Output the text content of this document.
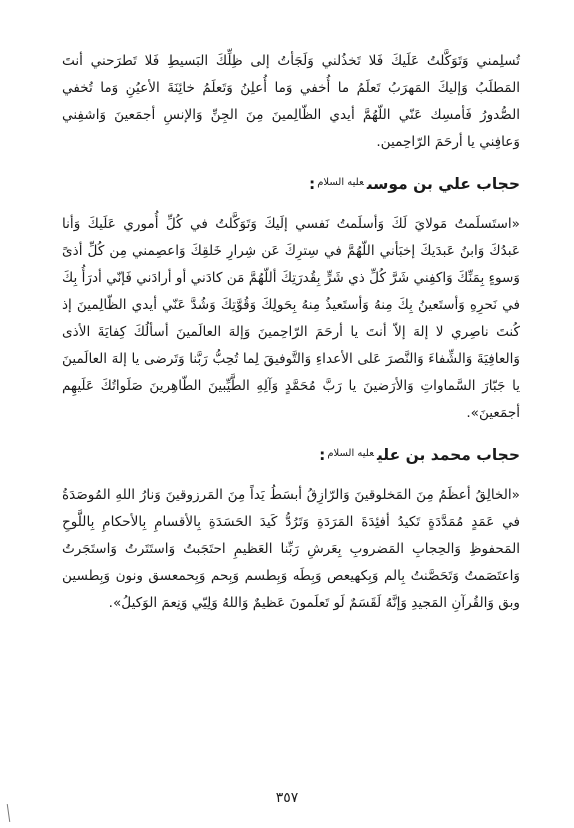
تُسلِمني وَتَوَكَّلتُ عَلَيكَ فَلا تَخذُلني وَلَجَأتُ إلى ظِلِّكَ البَسيطِ فَلا تَطرَحني أنتَ المَطلَبُ وَإليكَ المَهرَبُ تَعلَمُ ما أُخفي وَما أُعلِنُ وَتَعلَمُ خائِنَةَ الأعيُنِ وَما تُخفي الصُّدورُ فَأمسِك عَنّي اللّهُمَّ أيدي الظّالِمينَ مِنَ الجِنِّ وَالإنسِ أجمَعينَ وَاشفِني وَعافِني يا أرحَمَ الرّاحِمين.

حجاب علي بن موسى$^{عليه السلام}$:

«استَسلَمتُ مَولايَ لَكَ وَأسلَمتُ نَفسي إلَيكَ وَتَوَكَّلتُ في كُلِّ أُموري عَلَيكَ وَأنا عَبدُكَ وَابنُ عَبدَيكَ إخبَأني اللّهُمَّ في سِترِكَ عَن شِرارِ خَلقِكَ وَاعصِمني مِن كُلِّ أذىً وَسوءٍ بِمَنِّكَ وَاكفِني شَرَّ كُلِّ ذي شَرٍّ بِقُدرَتِكَ أللّهُمَّ مَن كادَني أو أرادَني فَإنّي أدرَأُ بِكَ في نَحرِهِ وَأستَعينُ بِكَ مِنهُ وَأستَعيذُ مِنهُ بِحَولِكَ وَقُوَّتِكَ وَشُدَّ عَنّي أيدي الظّالِمينَ إذ كُنتَ ناصِري لا إلهَ إلاّ أنتَ يا أرحَمَ الرّاحِمينَ وَإلهَ العالَمينَ أسألُكَ كِفايَةَ الأذى وَالعافِيَةَ وَالشِّفاءَ وَالنَّصرَ عَلى الأعداءِ وَالتَّوفيقَ لِما تُحِبُّ رَبَّنا وَتَرضى يا إلهَ العالَمينَ يا جَبّارَ السَّماواتِ وَالأرَضينَ يا رَبَّ مُحَمَّدٍ وَآلِهِ الطَّيِّبينَ الطّاهِرينَ صَلَواتُكَ عَلَيهِم أجمَعينَ».

حجاب محمد بن علي$^{عليه السلام}$:

«الخالِقُ أعظَمُ مِنَ المَخلوقينَ وَالرّازِقُ أبسَطُ يَداً مِنَ المَرزوقينَ وَنارُ اللهِ المُوصَدَةُ في عَمَدٍ مُمَدَّدَةٍ تَكيدُ أفئِدَةَ المَرَدَةِ وَتَرُدُّ كَيدَ الحَسَدَةِ بِالأقسامِ بِالأحكامِ بِاللَّوحِ المَحفوظِ وَالحِجابِ المَضروبِ بِعَرشِ رَبِّنا العَظيمِ احتَجَبتُ وَاستَتَرتُ وَاستَجَرتُ وَاعتَصَمتُ وَتَحَصَّنتُ بِالم وَبِكهيعص وَبِطَه وَبِطسم وَبِحم وَبِحمعسق ونون وَبِطسين وبق وَالقُرآنِ المَجيدِ وَإنَّهُ لَقَسَمٌ لَو تَعلَمونَ عَظيمٌ وَاللهُ وَلِيّي وَنِعمَ الوَكيلُ».

٣٥٧
